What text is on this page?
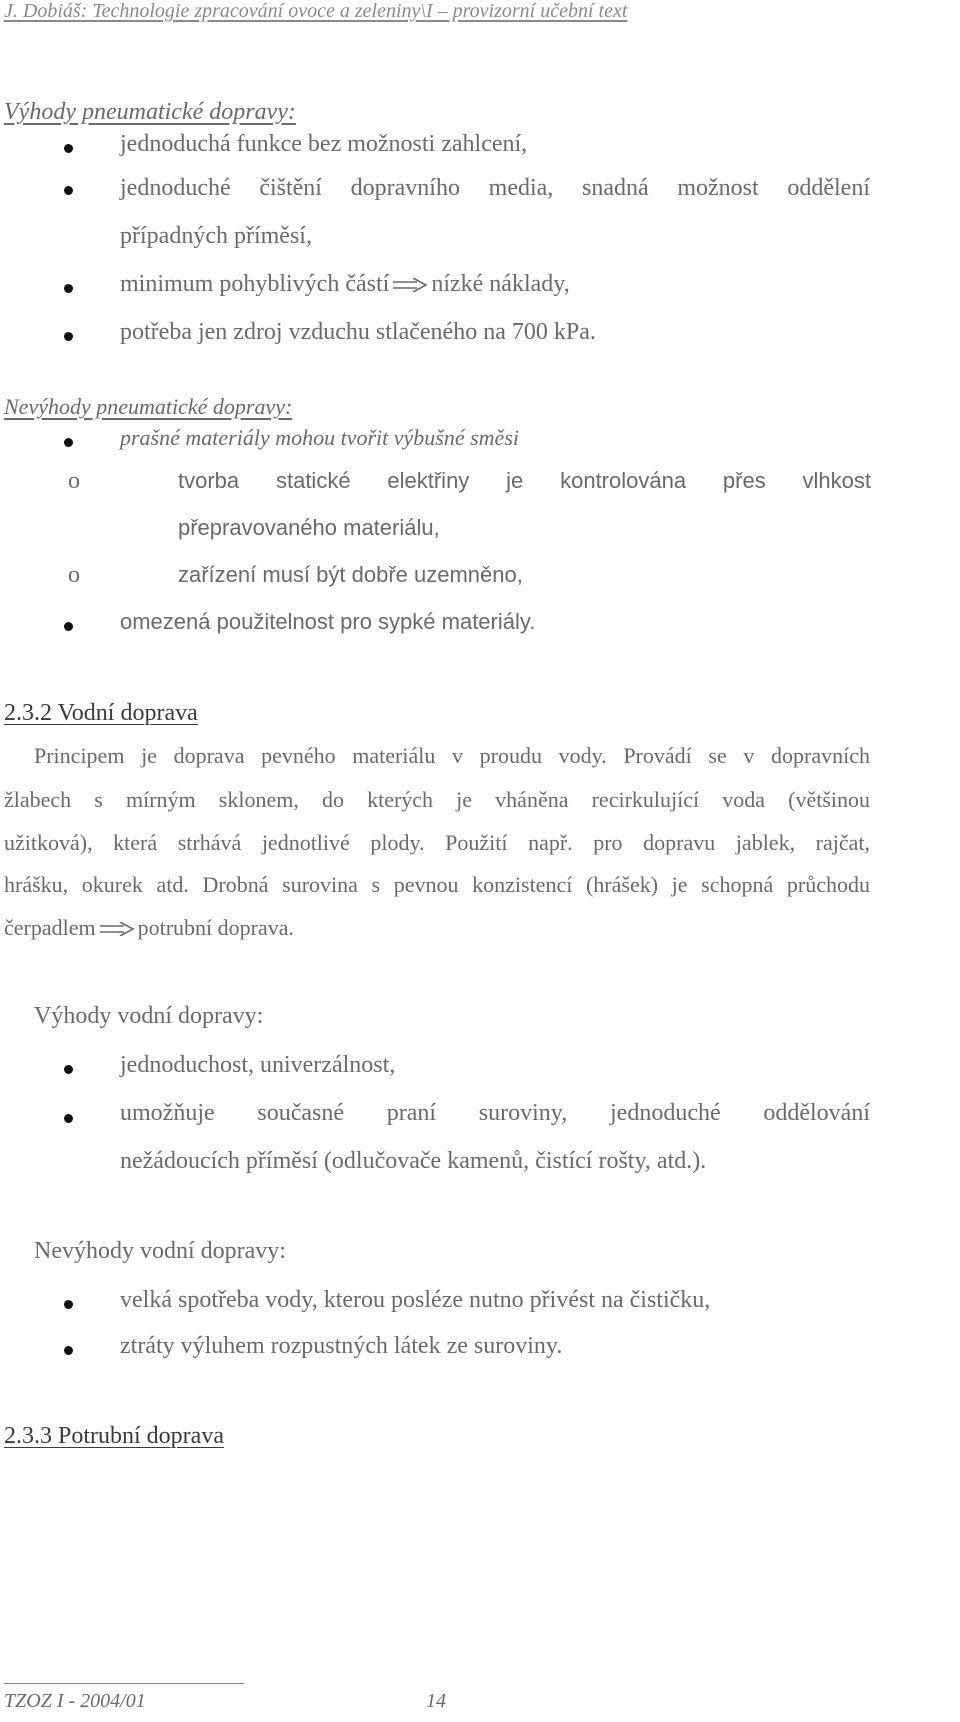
J. Dobiáš: Technologie zpracování ovoce a zeleniny\I – provizorní učební text
Výhody pneumatické dopravy:
jednoduchá funkce bez možnosti zahlcení,
jednoduché čištění dopravního media, snadná možnost oddělení
případných příměsí,
minimum pohyblivých částí nízké náklady,
potřeba jen zdroj vzduchu stlačeného na 700 kPa.
Nevýhody pneumatické dopravy:
prašné materiály mohou tvořit výbušné směsi
o	tvorba statické elektřiny je kontrolována přes vlhkost
přepravovaného materiálu,
o	zařízení musí být dobře uzemněno,
omezená použitelnost pro sypké materiály.
2.3.2 Vodní doprava
Principem je doprava pevného materiálu v proudu vody. Provádí se v dopravních
žlabech s mírným sklonem, do kterých je vháněna recirkulující voda (většinou
užitková), která strhává jednotlivé plody. Použití např. pro dopravu jablek, rajčat,
hrášku, okurek atd. Drobná surovina s pevnou konzistencí (hrášek) je schopná průchodu
čerpadlem potrubní doprava.
Výhody vodní dopravy:
jednoduchost, univerzálnost,
umožňuje současné praní suroviny, jednoduché oddělování
nežádoucích příměsí (odlučovače kamenů, čistící rošty, atd.).
Nevýhody vodní dopravy:
velká spotřeba vody, kterou posléze nutno přivést na čističku,
ztráty výluhem rozpustných látek ze suroviny.
2.3.3 Potrubní doprava
TZOZ I - 2004/01	14
